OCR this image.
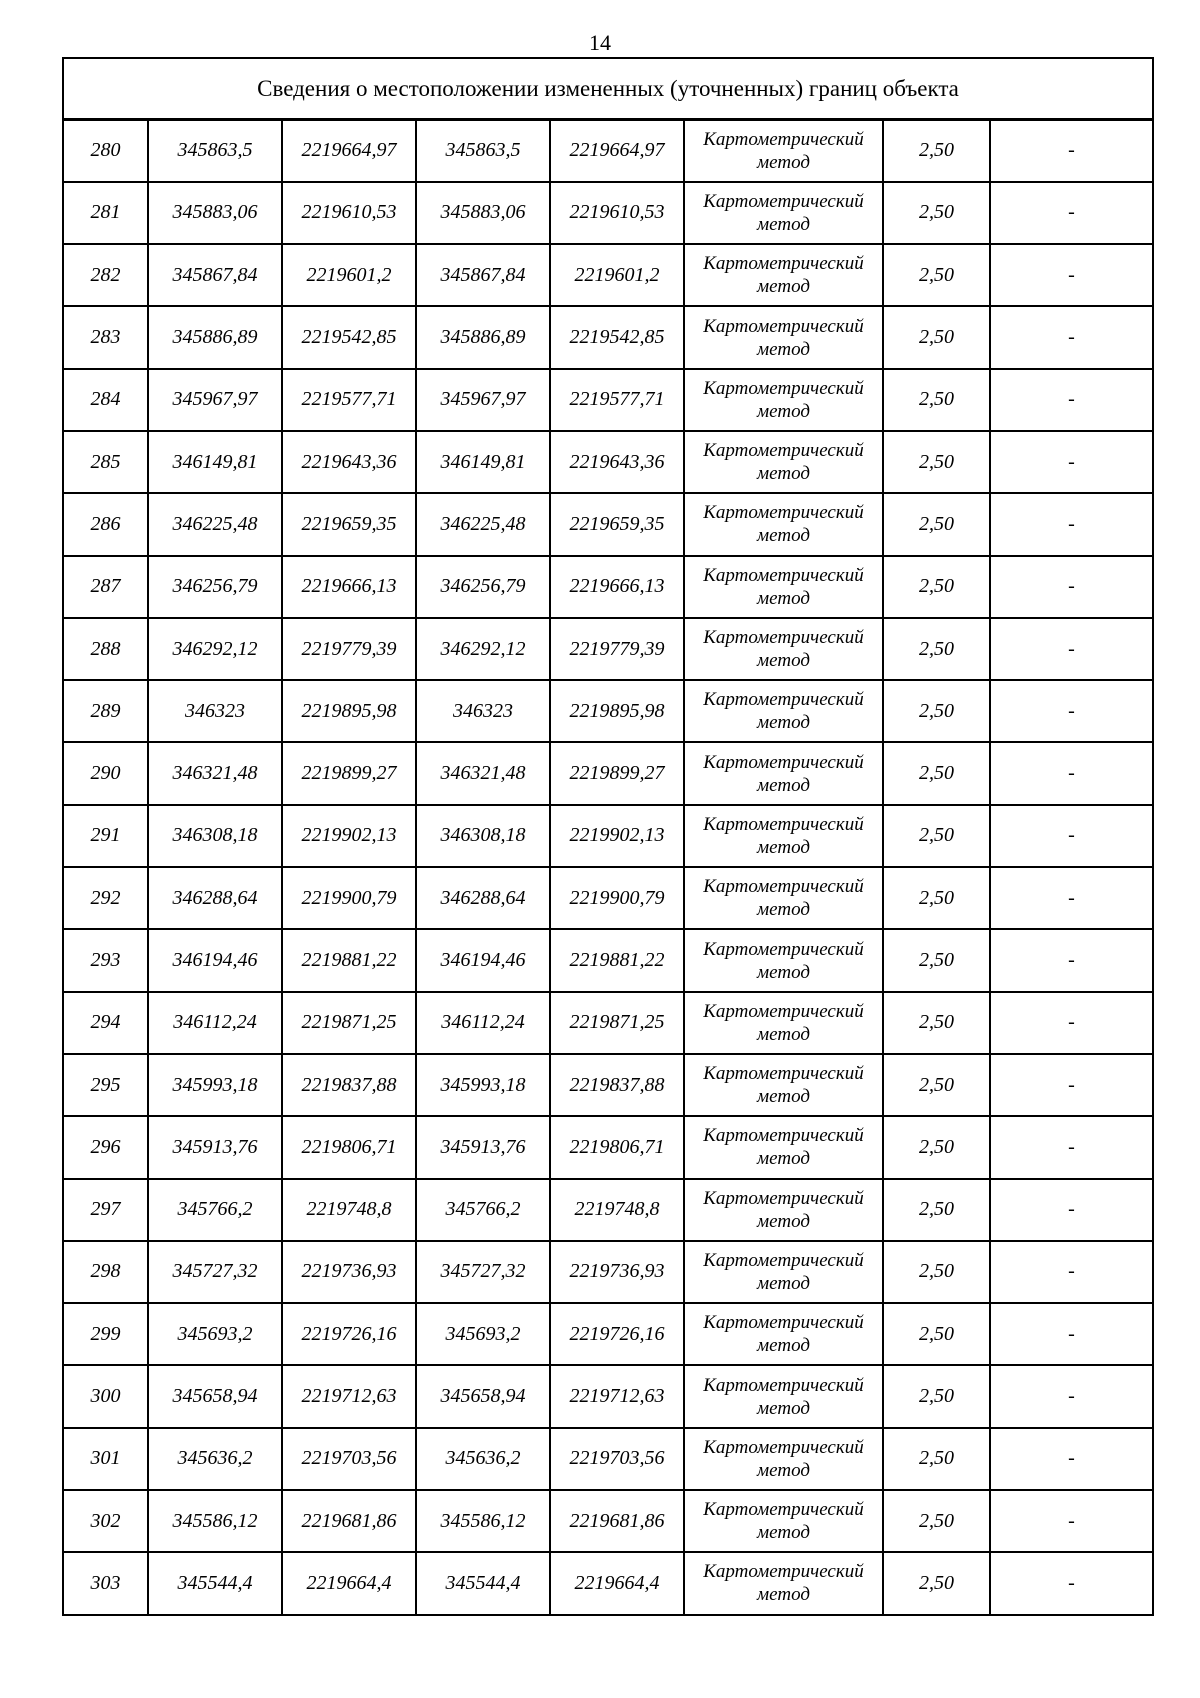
14
Сведения о местоположении измененных (уточненных) границ объекта							
280	345863,5	2219664,97	345863,5	2219664,97	Картометрический метод	2,50	-
281	345883,06	2219610,53	345883,06	2219610,53	Картометрический метод	2,50	-
282	345867,84	2219601,2	345867,84	2219601,2	Картометрический метод	2,50	-
283	345886,89	2219542,85	345886,89	2219542,85	Картометрический метод	2,50	-
284	345967,97	2219577,71	345967,97	2219577,71	Картометрический метод	2,50	-
285	346149,81	2219643,36	346149,81	2219643,36	Картометрический метод	2,50	-
286	346225,48	2219659,35	346225,48	2219659,35	Картометрический метод	2,50	-
287	346256,79	2219666,13	346256,79	2219666,13	Картометрический метод	2,50	-
288	346292,12	2219779,39	346292,12	2219779,39	Картометрический метод	2,50	-
289	346323	2219895,98	346323	2219895,98	Картометрический метод	2,50	-
290	346321,48	2219899,27	346321,48	2219899,27	Картометрический метод	2,50	-
291	346308,18	2219902,13	346308,18	2219902,13	Картометрический метод	2,50	-
292	346288,64	2219900,79	346288,64	2219900,79	Картометрический метод	2,50	-
293	346194,46	2219881,22	346194,46	2219881,22	Картометрический метод	2,50	-
294	346112,24	2219871,25	346112,24	2219871,25	Картометрический метод	2,50	-
295	345993,18	2219837,88	345993,18	2219837,88	Картометрический метод	2,50	-
296	345913,76	2219806,71	345913,76	2219806,71	Картометрический метод	2,50	-
297	345766,2	2219748,8	345766,2	2219748,8	Картометрический метод	2,50	-
298	345727,32	2219736,93	345727,32	2219736,93	Картометрический метод	2,50	-
299	345693,2	2219726,16	345693,2	2219726,16	Картометрический метод	2,50	-
300	345658,94	2219712,63	345658,94	2219712,63	Картометрический метод	2,50	-
301	345636,2	2219703,56	345636,2	2219703,56	Картометрический метод	2,50	-
302	345586,12	2219681,86	345586,12	2219681,86	Картометрический метод	2,50	-
303	345544,4	2219664,4	345544,4	2219664,4	Картометрический метод	2,50	-
